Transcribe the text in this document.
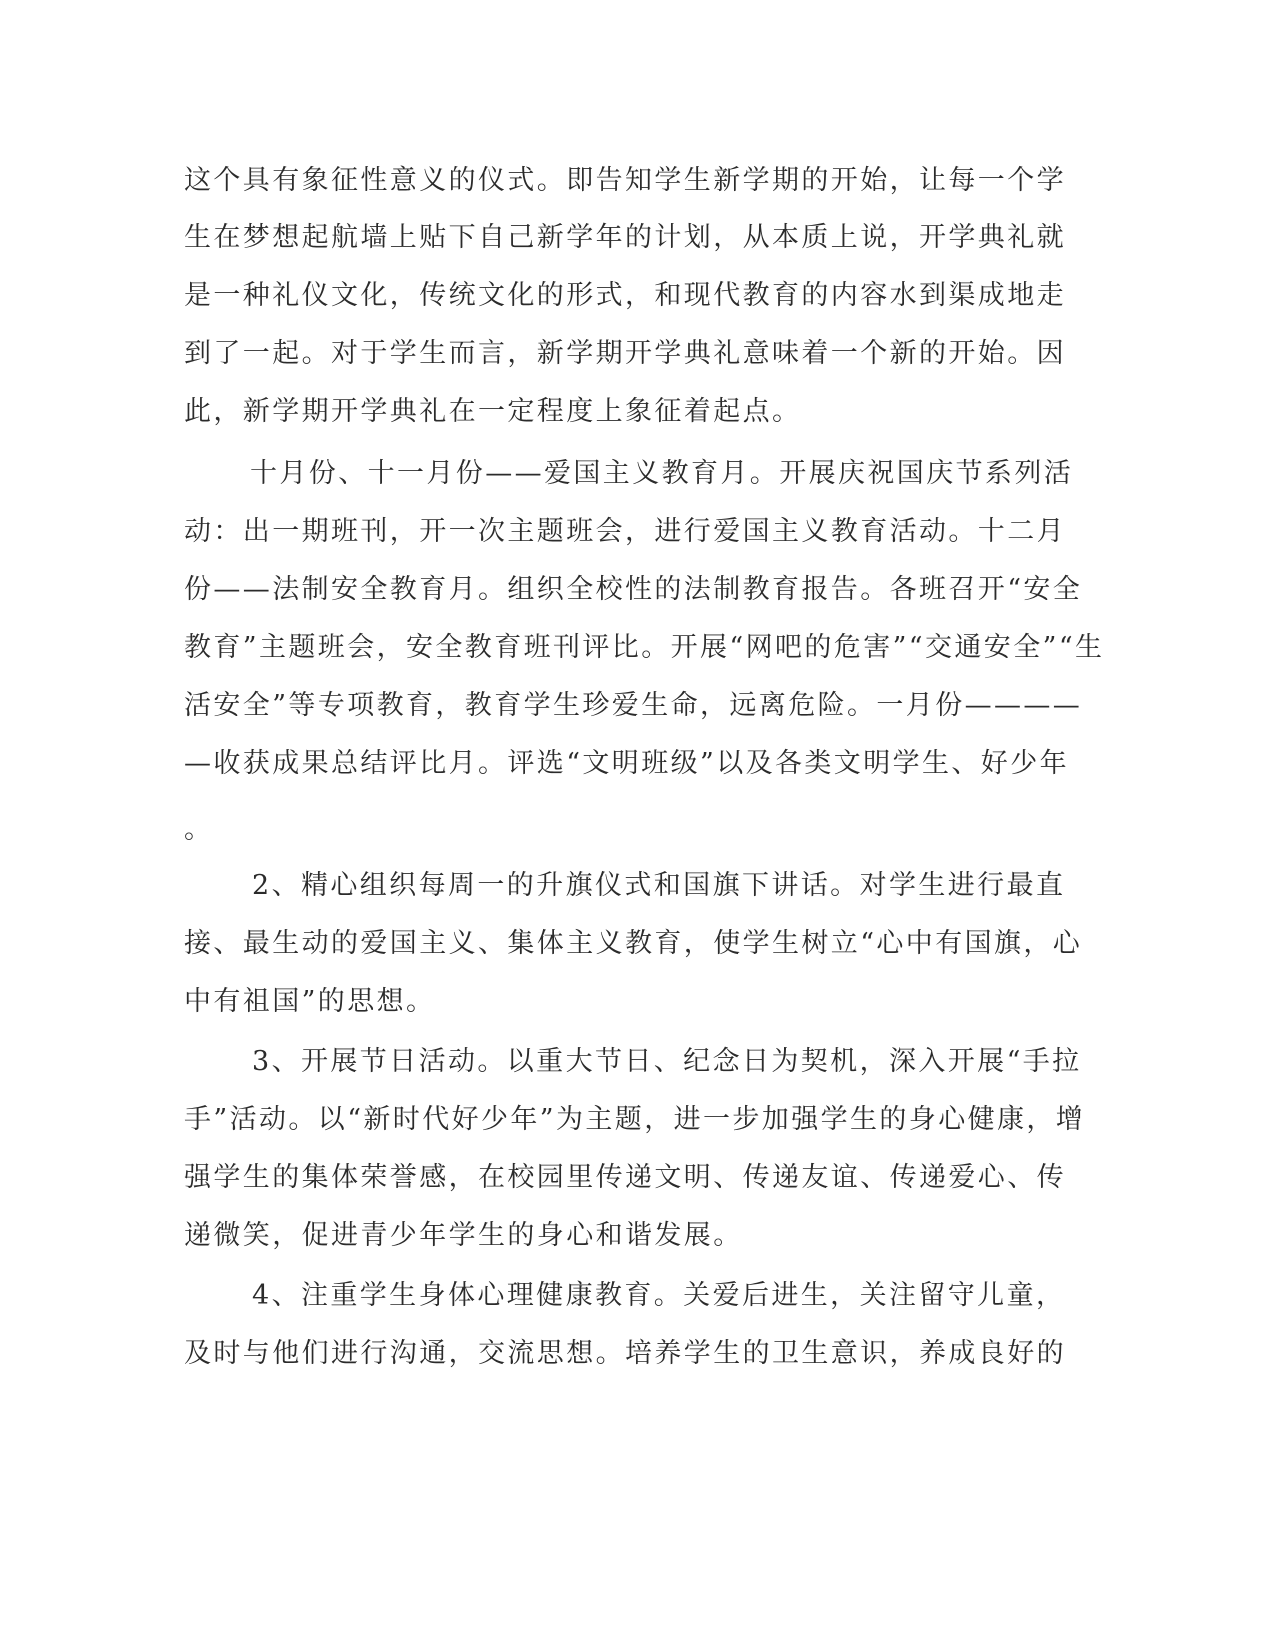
这个具有象征性意义的仪式。即告知学生新学期的开始，让每一个学
生在梦想起航墙上贴下自己新学年的计划，从本质上说，开学典礼就
是一种礼仪文化，传统文化的形式，和现代教育的内容水到渠成地走
到了一起。对于学生而言，新学期开学典礼意味着一个新的开始。因
此，新学期开学典礼在一定程度上象征着起点。
十月份、十一月份——爱国主义教育月。开展庆祝国庆节系列活
动：出一期班刊，开一次主题班会，进行爱国主义教育活动。十二月
份——法制安全教育月。组织全校性的法制教育报告。各班召开“安全
教育”主题班会，安全教育班刊评比。开展“网吧的危害”“交通安全”“生
活安全”等专项教育，教育学生珍爱生命，远离危险。一月份————
—收获成果总结评比月。评选“文明班级”以及各类文明学生、好少年
。
2、精心组织每周一的升旗仪式和国旗下讲话。对学生进行最直
接、最生动的爱国主义、集体主义教育，使学生树立“心中有国旗，心
中有祖国”的思想。
3、开展节日活动。以重大节日、纪念日为契机，深入开展“手拉
手”活动。以“新时代好少年”为主题，进一步加强学生的身心健康，增
强学生的集体荣誉感，在校园里传递文明、传递友谊、传递爱心、传
递微笑，促进青少年学生的身心和谐发展。
4、注重学生身体心理健康教育。关爱后进生，关注留守儿童，
及时与他们进行沟通，交流思想。培养学生的卫生意识，养成良好的
